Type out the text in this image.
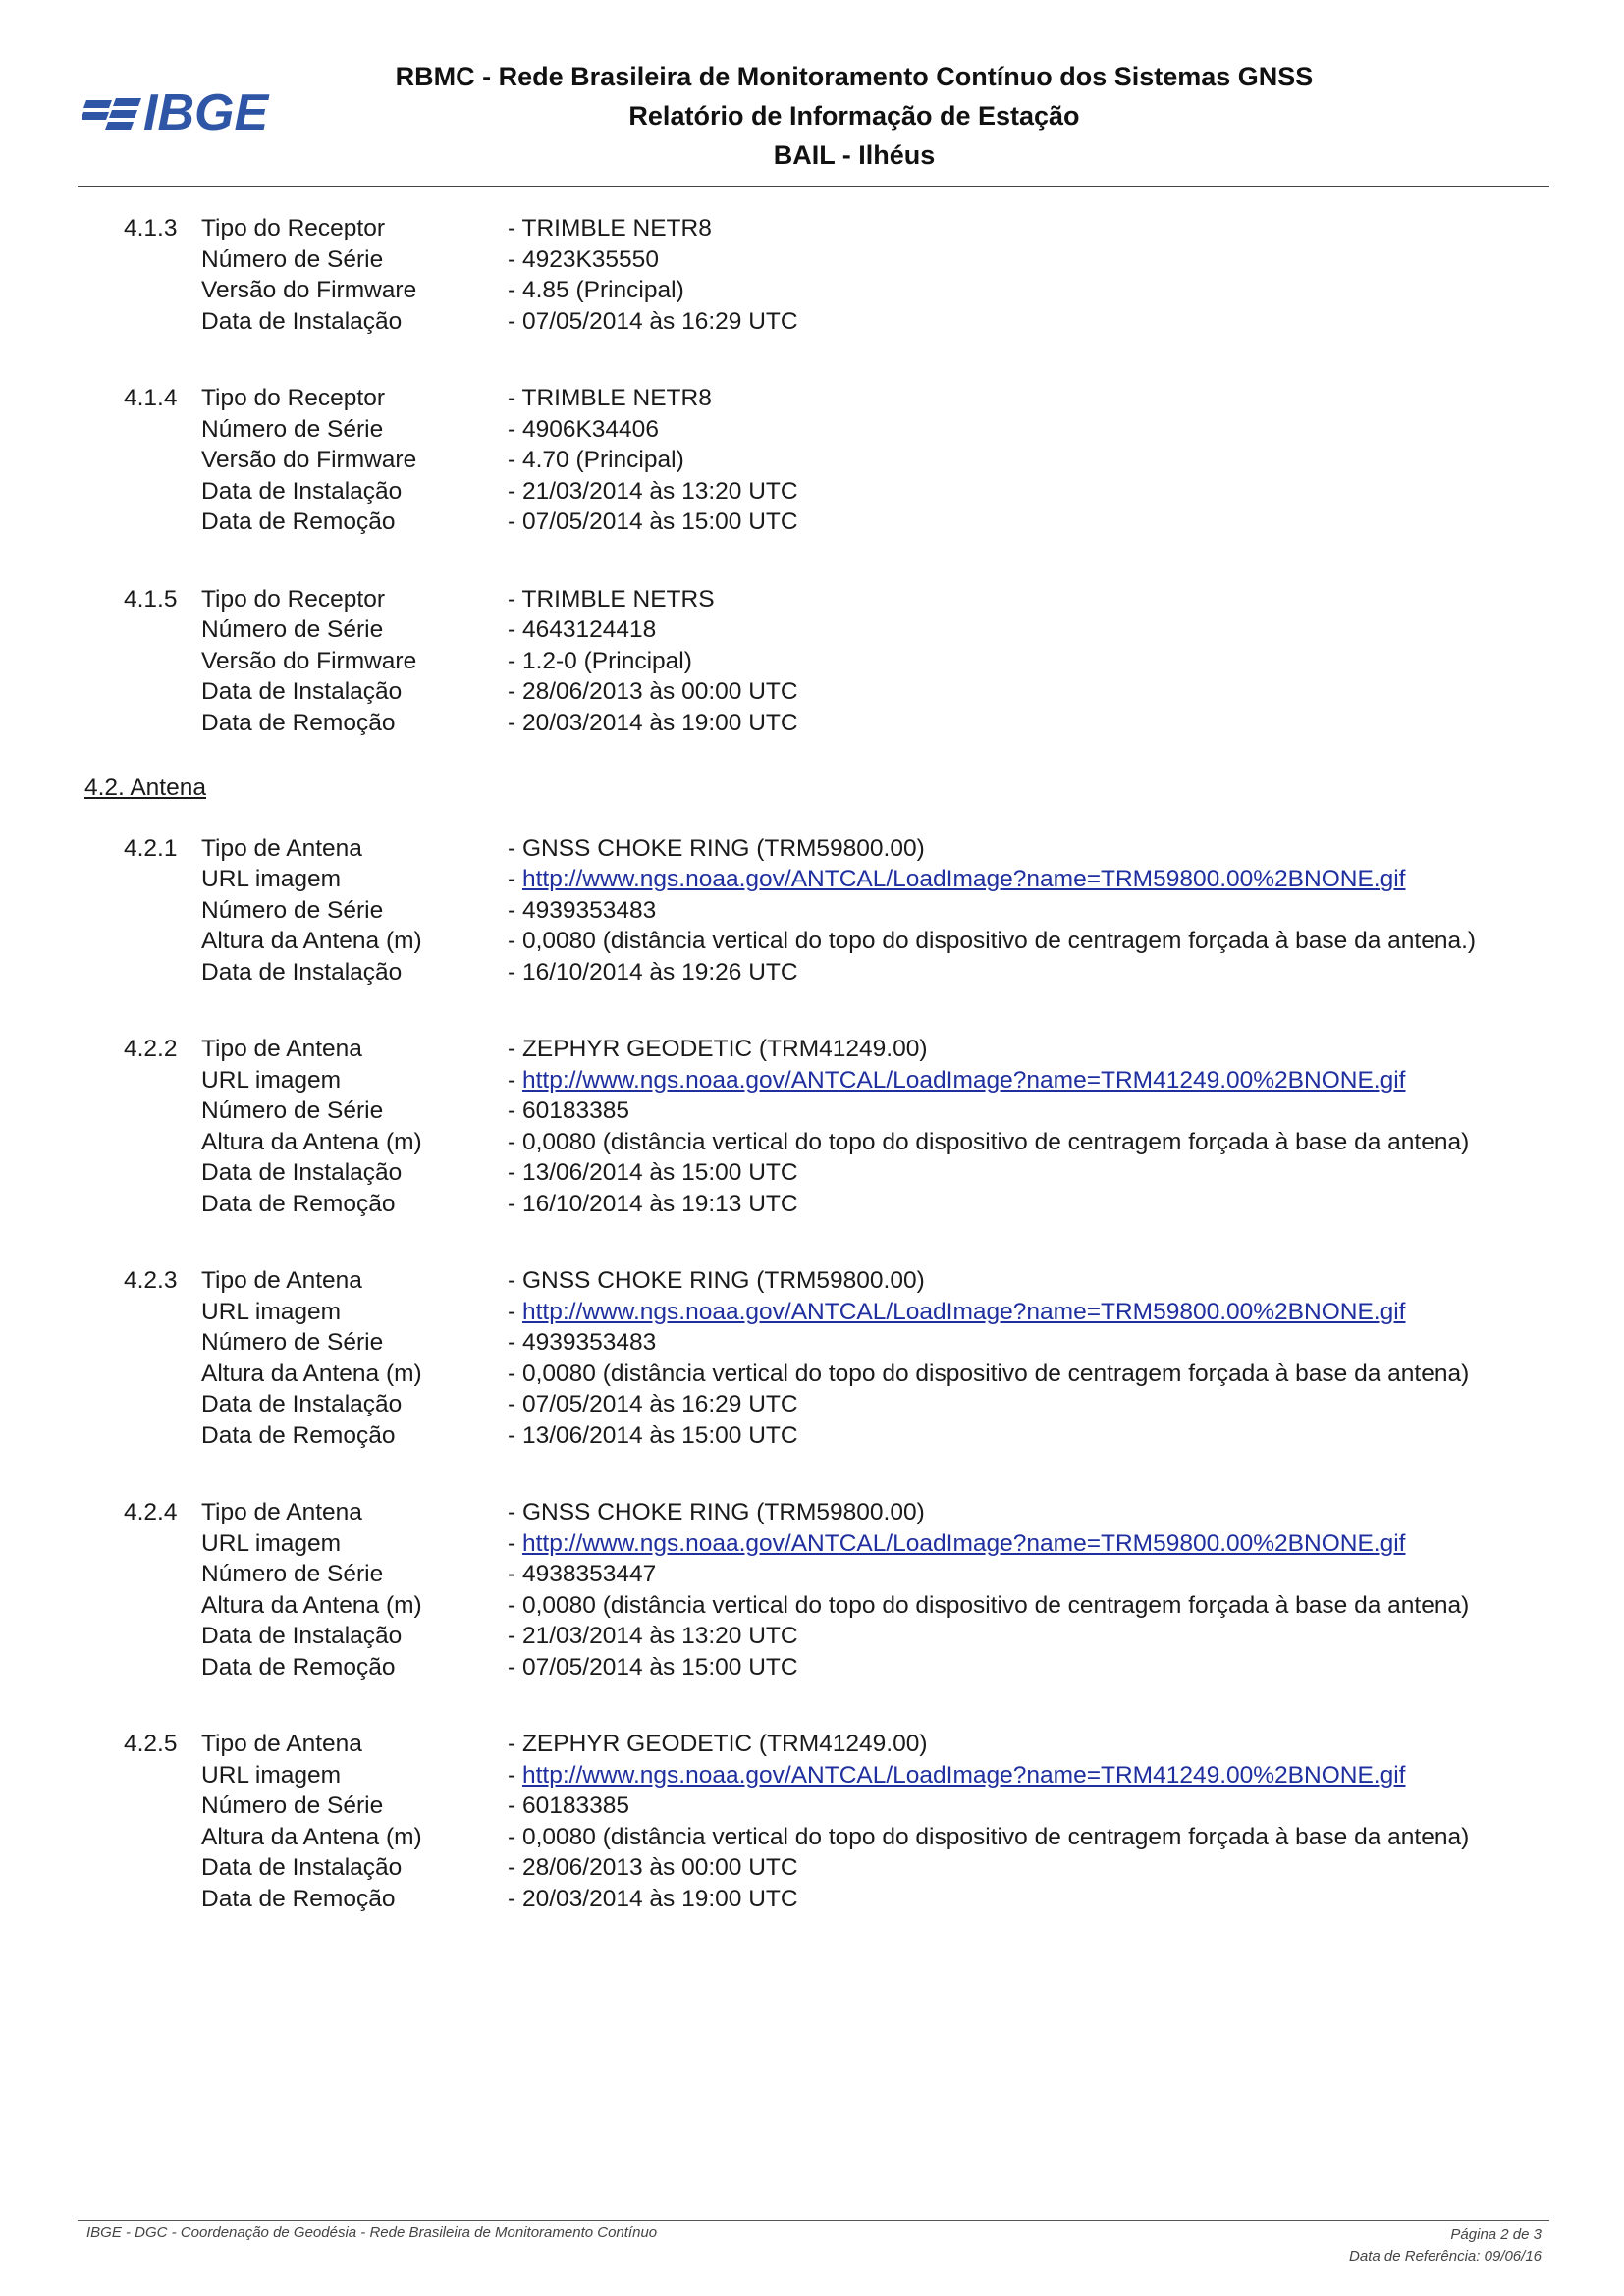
IBGE
RBMC - Rede Brasileira de Monitoramento Contínuo dos Sistemas GNSS
Relatório de Informação de Estação
BAIL - Ilhéus
4.1.3 Tipo do Receptor	- TRIMBLE NETR8
Número de Série	- 4923K35550
Versão do Firmware	- 4.85 (Principal)
Data de Instalação	- 07/05/2014 às 16:29 UTC
4.1.4 Tipo do Receptor	- TRIMBLE NETR8
Número de Série	- 4906K34406
Versão do Firmware	- 4.70 (Principal)
Data de Instalação	- 21/03/2014 às 13:20 UTC
Data de Remoção	- 07/05/2014 às 15:00 UTC
4.1.5 Tipo do Receptor	- TRIMBLE NETRS
Número de Série	- 4643124418
Versão do Firmware	- 1.2-0 (Principal)
Data de Instalação	- 28/06/2013 às 00:00 UTC
Data de Remoção	- 20/03/2014 às 19:00 UTC
4.2. Antena
4.2.1 Tipo de Antena	- GNSS CHOKE RING (TRM59800.00)
URL imagem	- http://www.ngs.noaa.gov/ANTCAL/LoadImage?name=TRM59800.00%2BNONE.gif
Número de Série	- 4939353483
Altura da Antena (m)	- 0,0080 (distância vertical do topo do dispositivo de centragem forçada à base da antena.)
Data de Instalação	- 16/10/2014 às 19:26 UTC
4.2.2 Tipo de Antena	- ZEPHYR GEODETIC (TRM41249.00)
URL imagem	- http://www.ngs.noaa.gov/ANTCAL/LoadImage?name=TRM41249.00%2BNONE.gif
Número de Série	- 60183385
Altura da Antena (m)	- 0,0080 (distância vertical do topo do dispositivo de centragem forçada à base da antena)
Data de Instalação	- 13/06/2014 às 15:00 UTC
Data de Remoção	- 16/10/2014 às 19:13 UTC
4.2.3 Tipo de Antena	- GNSS CHOKE RING (TRM59800.00)
URL imagem	- http://www.ngs.noaa.gov/ANTCAL/LoadImage?name=TRM59800.00%2BNONE.gif
Número de Série	- 4939353483
Altura da Antena (m)	- 0,0080 (distância vertical do topo do dispositivo de centragem forçada à base da antena)
Data de Instalação	- 07/05/2014 às 16:29 UTC
Data de Remoção	- 13/06/2014 às 15:00 UTC
4.2.4 Tipo de Antena	- GNSS CHOKE RING (TRM59800.00)
URL imagem	- http://www.ngs.noaa.gov/ANTCAL/LoadImage?name=TRM59800.00%2BNONE.gif
Número de Série	- 4938353447
Altura da Antena (m)	- 0,0080 (distância vertical do topo do dispositivo de centragem forçada à base da antena)
Data de Instalação	- 21/03/2014 às 13:20 UTC
Data de Remoção	- 07/05/2014 às 15:00 UTC
4.2.5 Tipo de Antena	- ZEPHYR GEODETIC (TRM41249.00)
URL imagem	- http://www.ngs.noaa.gov/ANTCAL/LoadImage?name=TRM41249.00%2BNONE.gif
Número de Série	- 60183385
Altura da Antena (m)	- 0,0080 (distância vertical do topo do dispositivo de centragem forçada à base da antena)
Data de Instalação	- 28/06/2013 às 00:00 UTC
Data de Remoção	- 20/03/2014 às 19:00 UTC
IBGE - DGC - Coordenação de Geodésia - Rede Brasileira de Monitoramento Contínuo	Página 2 de 3
Data de Referência: 09/06/16
